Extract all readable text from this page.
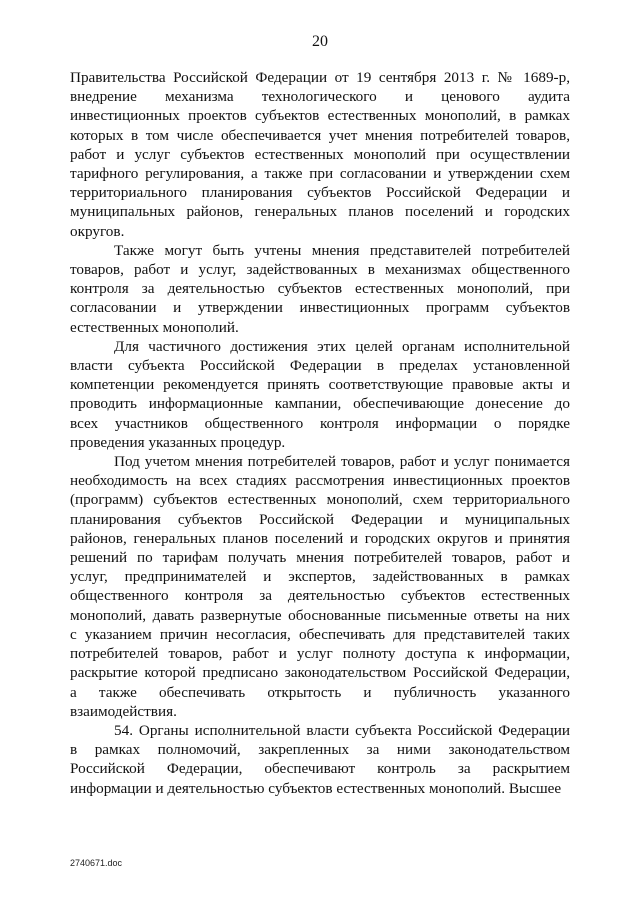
20
Правительства Российской Федерации от 19 сентября 2013 г. № 1689-р,
внедрение механизма технологического и ценового аудита
инвестиционных проектов субъектов естественных монополий, в рамках
которых в том числе обеспечивается учет мнения потребителей товаров,
работ и услуг субъектов естественных монополий при осуществлении
тарифного регулирования, а также при согласовании и утверждении схем
территориального планирования субъектов Российской Федерации и
муниципальных районов, генеральных планов поселений и городских
округов.
Также могут быть учтены мнения представителей потребителей
товаров, работ и услуг, задействованных в механизмах общественного
контроля за деятельностью субъектов естественных монополий, при
согласовании и утверждении инвестиционных программ субъектов
естественных монополий.
Для частичного достижения этих целей органам исполнительной
власти субъекта Российской Федерации в пределах установленной
компетенции рекомендуется принять соответствующие правовые акты и
проводить информационные кампании, обеспечивающие донесение до
всех участников общественного контроля информации о порядке
проведения указанных процедур.
Под учетом мнения потребителей товаров, работ и услуг понимается
необходимость на всех стадиях рассмотрения инвестиционных проектов
(программ) субъектов естественных монополий, схем территориального
планирования субъектов Российской Федерации и муниципальных
районов, генеральных планов поселений и городских округов и принятия
решений по тарифам получать мнения потребителей товаров, работ и
услуг, предпринимателей и экспертов, задействованных в рамках
общественного контроля за деятельностью субъектов естественных
монополий, давать развернутые обоснованные письменные ответы на них
с указанием причин несогласия, обеспечивать для представителей таких
потребителей товаров, работ и услуг полноту доступа к информации,
раскрытие которой предписано законодательством Российской Федерации,
а также обеспечивать открытость и публичность указанного
взаимодействия.
54. Органы исполнительной власти субъекта Российской Федерации
в рамках полномочий, закрепленных за ними законодательством
Российской Федерации, обеспечивают контроль за раскрытием
информации и деятельностью субъектов естественных монополий. Высшее
2740671.doc
